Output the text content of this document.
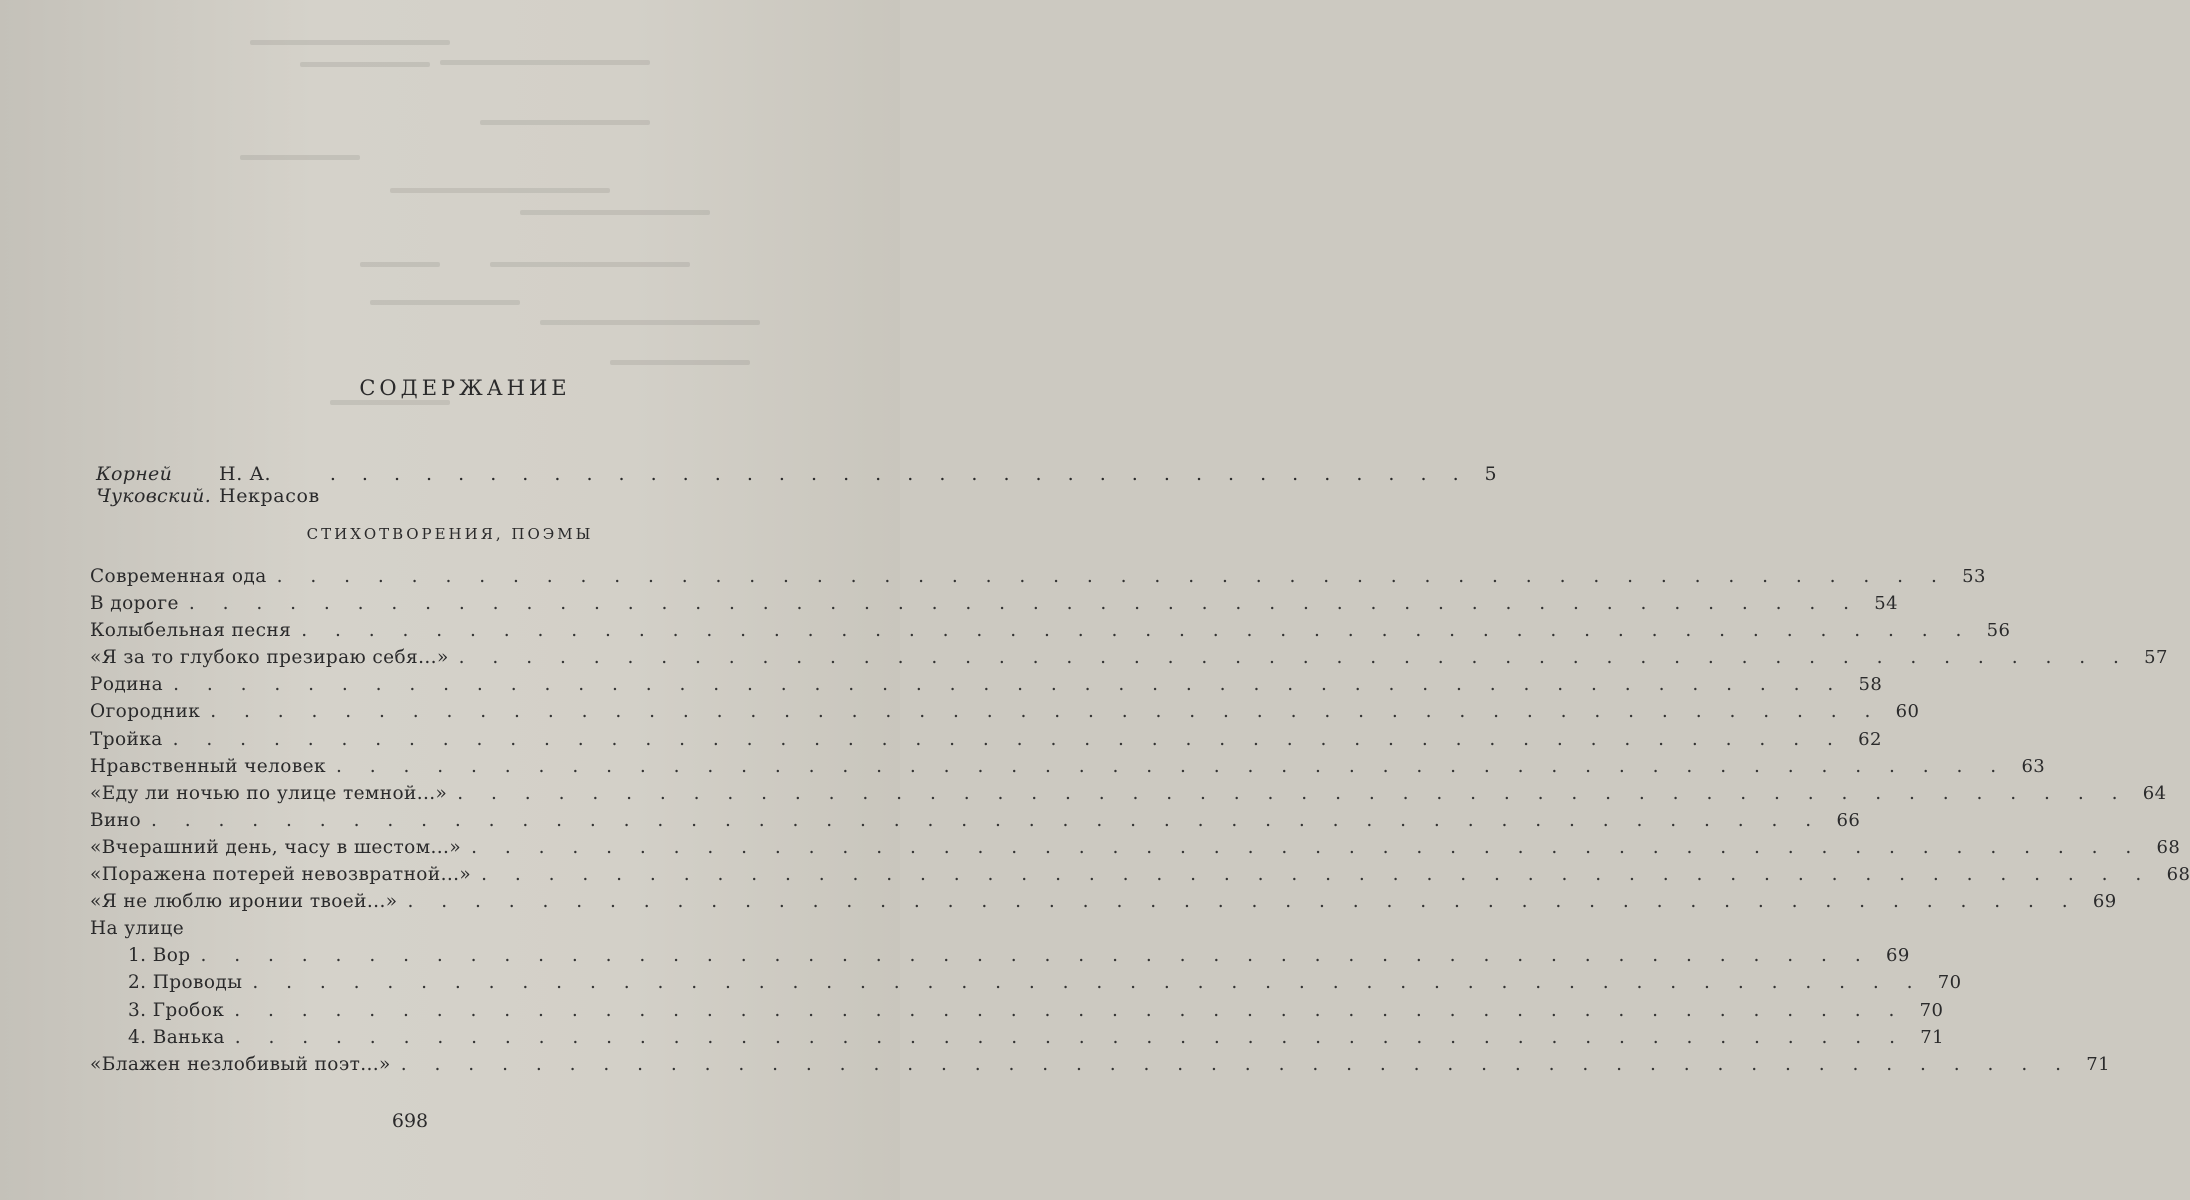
СОДЕРЖАНИЕ
Корней Чуковский.
Н. А. Некрасов
. . . . . . . . . . . . . . . . . . . . . . . . . . . . . . . . . . . . 5
СТИХОТВОРЕНИЯ, ПОЭМЫ
Современная ода . . . . . . . . . . . . . . . . . . . . . . . . . . . . . . . . . . . . . . . . . . . . . . . . . . 53
В дороге . . . . . . . . . . . . . . . . . . . . . . . . . . . . . . . . . . . . . . . . . . . . . . . . . . 54
Колыбельная песня . . . . . . . . . . . . . . . . . . . . . . . . . . . . . . . . . . . . . . . . . . . . . . . . . . 56
«Я за то глубоко презираю себя...» . . . . . . . . . . . . . . . . . . . . . . . . . . . . . . . . . . . . . . . . . . . . . . . . . . 57
Родина . . . . . . . . . . . . . . . . . . . . . . . . . . . . . . . . . . . . . . . . . . . . . . . . . . 58
Огородник . . . . . . . . . . . . . . . . . . . . . . . . . . . . . . . . . . . . . . . . . . . . . . . . . . 60
Тройка . . . . . . . . . . . . . . . . . . . . . . . . . . . . . . . . . . . . . . . . . . . . . . . . . . 62
Нравственный человек . . . . . . . . . . . . . . . . . . . . . . . . . . . . . . . . . . . . . . . . . . . . . . . . . . 63
«Еду ли ночью по улице темной...» . . . . . . . . . . . . . . . . . . . . . . . . . . . . . . . . . . . . . . . . . . . . . . . . . . 64
Вино . . . . . . . . . . . . . . . . . . . . . . . . . . . . . . . . . . . . . . . . . . . . . . . . . . 66
«Вчерашний день, часу в шестом...» . . . . . . . . . . . . . . . . . . . . . . . . . . . . . . . . . . . . . . . . . . . . . . . . . . 68
«Поражена потерей невозвратной...» . . . . . . . . . . . . . . . . . . . . . . . . . . . . . . . . . . . . . . . . . . . . . . . . . . 68
«Я не люблю иронии твоей...» . . . . . . . . . . . . . . . . . . . . . . . . . . . . . . . . . . . . . . . . . . . . . . . . . . 69
На улице
1. Вор . . . . . . . . . . . . . . . . . . . . . . . . . . . . . . . . . . . . . . . . . . . . . . . . . . 69
2. Проводы . . . . . . . . . . . . . . . . . . . . . . . . . . . . . . . . . . . . . . . . . . . . . . . . . . 70
3. Гробок . . . . . . . . . . . . . . . . . . . . . . . . . . . . . . . . . . . . . . . . . . . . . . . . . . 70
4. Ванька . . . . . . . . . . . . . . . . . . . . . . . . . . . . . . . . . . . . . . . . . . . . . . . . . . 71
«Блажен незлобивый поэт...» . . . . . . . . . . . . . . . . . . . . . . . . . . . . . . . . . . . . . . . . . . . . . . . . . . 71
698
